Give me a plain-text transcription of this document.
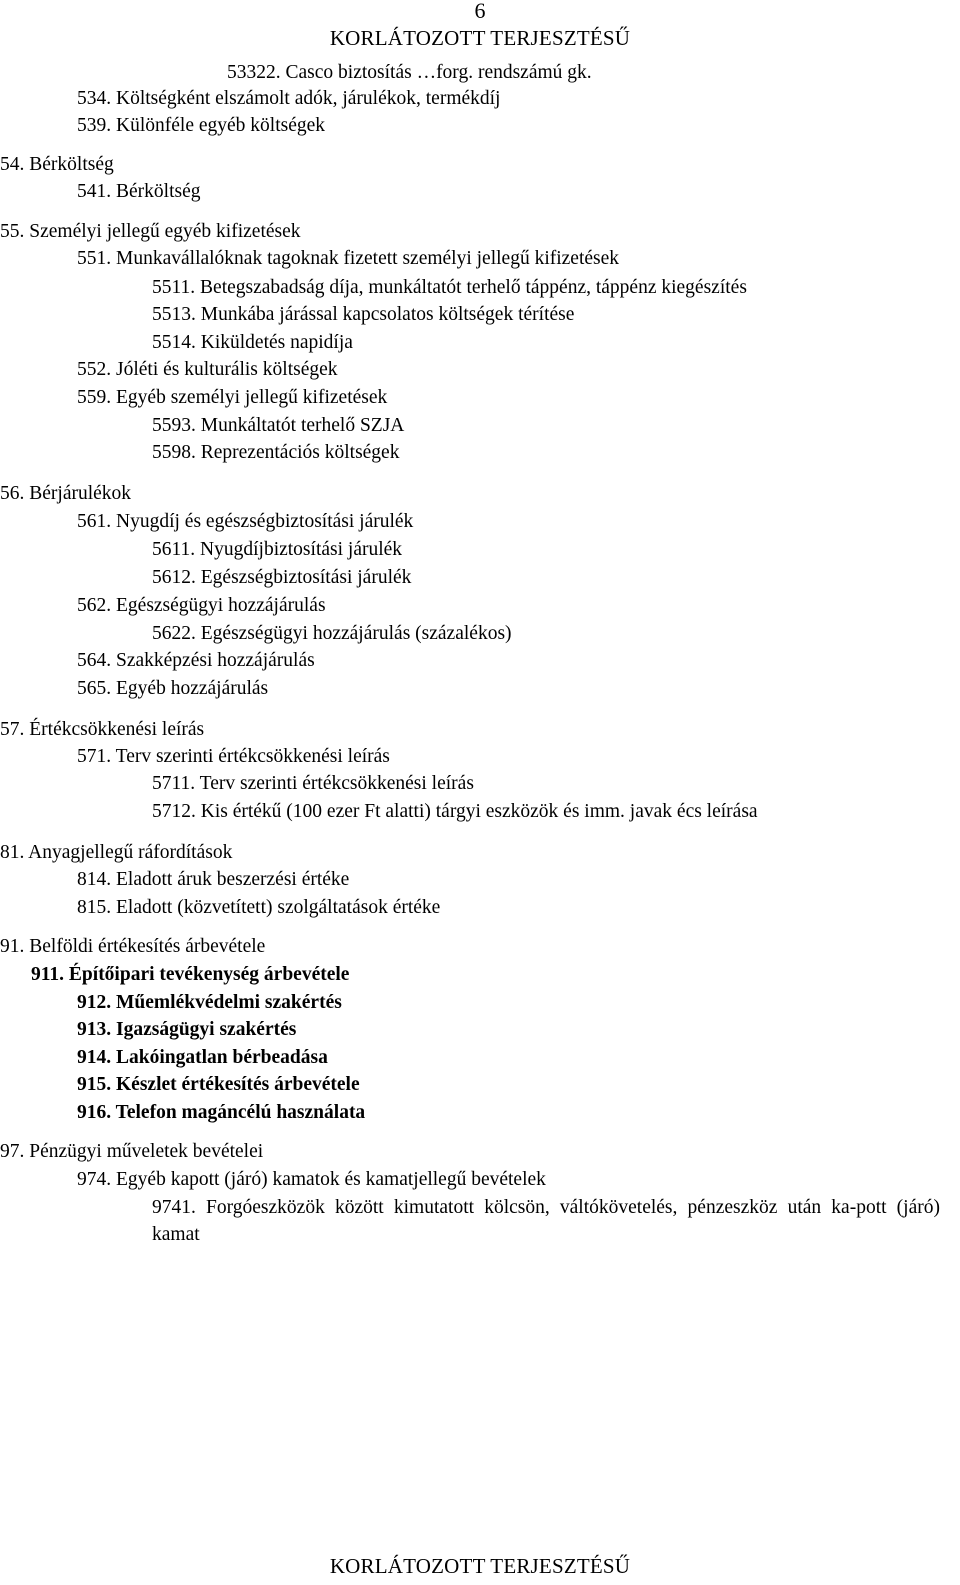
6
KORLÁTOZOTT TERJESZTÉSŰ
53322. Casco biztosítás …forg. rendszámú gk.
534. Költségként elszámolt adók, járulékok, termékdíj
539. Különféle egyéb költségek
54. Bérköltség
541. Bérköltség
55. Személyi jellegű egyéb kifizetések
551. Munkavállalóknak tagoknak fizetett személyi jellegű kifizetések
5511. Betegszabadság díja, munkáltatót terhelő táppénz, táppénz kiegészítés
5513. Munkába járással kapcsolatos költségek térítése
5514. Kiküldetés napidíja
552. Jóléti és kulturális költségek
559. Egyéb személyi jellegű kifizetések
5593. Munkáltatót terhelő SZJA
5598. Reprezentációs költségek
56. Bérjárulékok
561. Nyugdíj és egészségbiztosítási járulék
5611. Nyugdíjbiztosítási járulék
5612. Egészségbiztosítási járulék
562. Egészségügyi hozzájárulás
5622. Egészségügyi hozzájárulás (százalékos)
564. Szakképzési hozzájárulás
565. Egyéb hozzájárulás
57. Értékcsökkenési leírás
571. Terv szerinti értékcsökkenési leírás
5711. Terv szerinti értékcsökkenési leírás
5712. Kis értékű (100 ezer Ft alatti) tárgyi eszközök és imm. javak écs leírása
81. Anyagjellegű ráfordítások
814. Eladott áruk beszerzési értéke
815. Eladott (közvetített) szolgáltatások értéke
91. Belföldi értékesítés árbevétele
911. Építőipari tevékenység árbevétele
912. Műemlékvédelmi szakértés
913. Igazságügyi szakértés
914. Lakóingatlan bérbeadása
915. Készlet értékesítés árbevétele
916. Telefon magáncélú használata
97. Pénzügyi műveletek bevételei
974. Egyéb kapott (járó) kamatok és kamatjellegű bevételek
9741. Forgóeszközök között kimutatott kölcsön, váltókövetelés, pénzeszköz után ka-pott (járó) kamat
KORLÁTOZOTT TERJESZTÉSŰ
